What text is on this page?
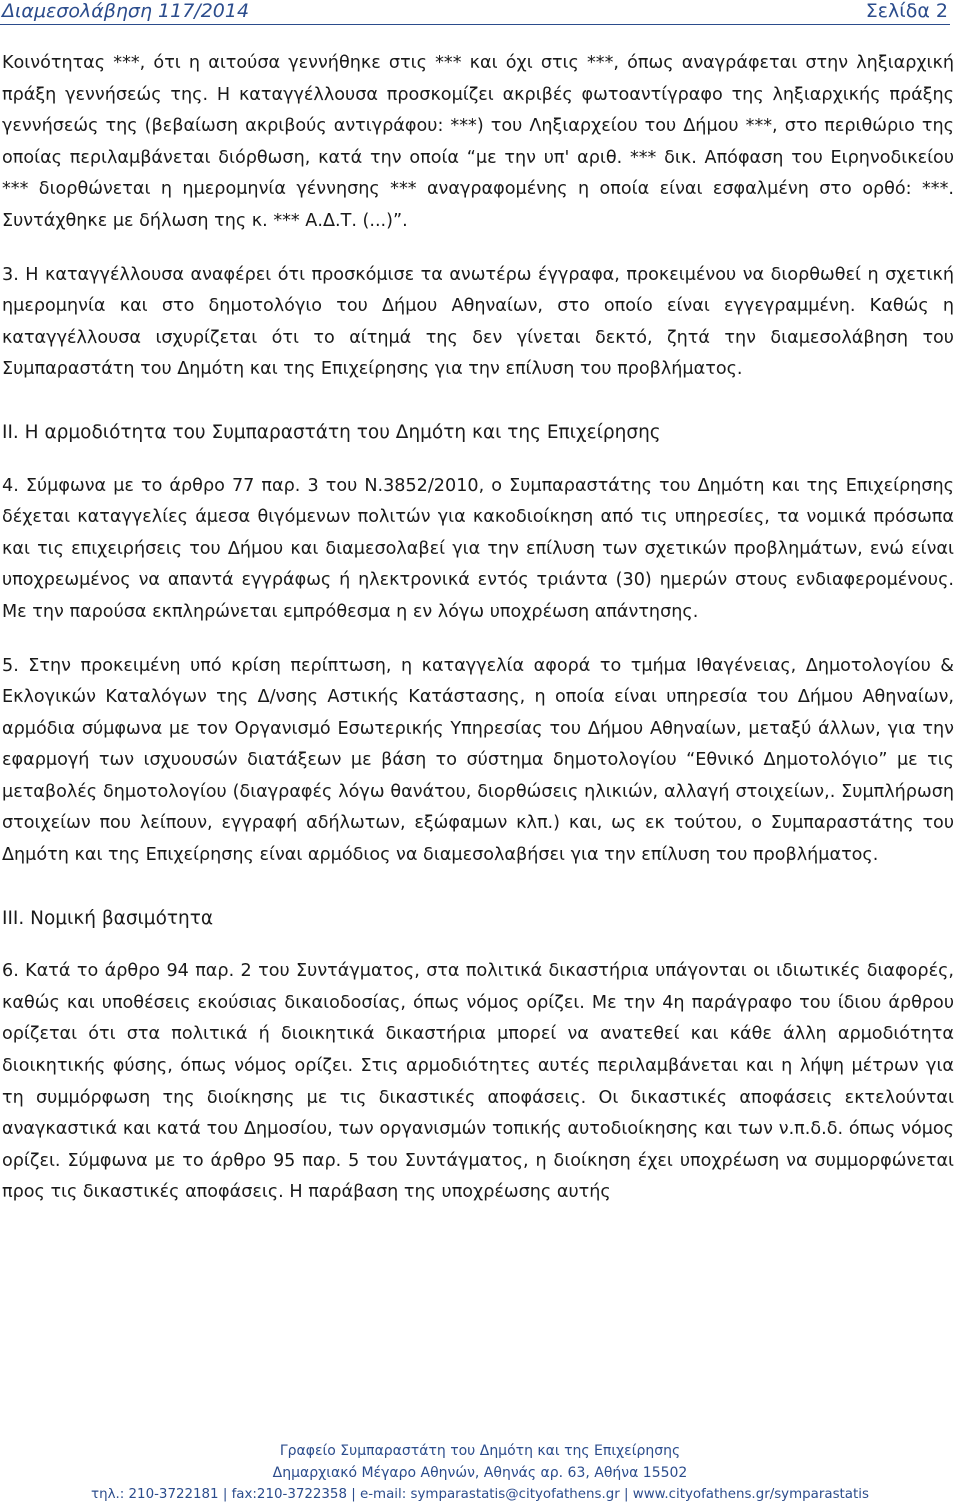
Διαμεσολάβηση 117/2014	Σελίδα 2

Κοινότητας ***, ότι η αιτούσα γεννήθηκε στις *** και όχι στις ***, όπως αναγράφεται στην ληξιαρχική πράξη γεννήσεώς της. Η καταγγέλλουσα προσκομίζει ακριβές φωτοαντίγραφο της ληξιαρχικής πράξης γεννήσεώς της (βεβαίωση ακριβούς αντιγράφου: ***) του Ληξιαρχείου του Δήμου ***, στο περιθώριο της οποίας περιλαμβάνεται διόρθωση, κατά την οποία “με την υπ' αριθ. *** δικ. Απόφαση του Ειρηνοδικείου *** διορθώνεται η ημερομηνία γέννησης *** αναγραφομένης η οποία είναι εσφαλμένη στο ορθό: ***. Συντάχθηκε με δήλωση της κ. *** Α.Δ.Τ. (...)”.

3. Η καταγγέλλουσα αναφέρει ότι προσκόμισε τα ανωτέρω έγγραφα, προκειμένου να διορθωθεί η σχετική ημερομηνία και στο δημοτολόγιο του Δήμου Αθηναίων, στο οποίο είναι εγγεγραμμένη. Καθώς η καταγγέλλουσα ισχυρίζεται ότι το αίτημά της δεν γίνεται δεκτό, ζητά την διαμεσολάβηση του Συμπαραστάτη του Δημότη και της Επιχείρησης για την επίλυση του προβλήματος.

II. Η αρμοδιότητα του Συμπαραστάτη του Δημότη και της Επιχείρησης

4. Σύμφωνα με το άρθρο 77 παρ. 3 του Ν.3852/2010, ο Συμπαραστάτης του Δημότη και της Επιχείρησης δέχεται καταγγελίες άμεσα θιγόμενων πολιτών για κακοδιοίκηση από τις υπηρεσίες, τα νομικά πρόσωπα και τις επιχειρήσεις του Δήμου και διαμεσολαβεί για την επίλυση των σχετικών προβλημάτων, ενώ είναι υποχρεωμένος να απαντά εγγράφως ή ηλεκτρονικά εντός τριάντα (30) ημερών στους ενδιαφερομένους. Με την παρούσα εκπληρώνεται εμπρόθεσμα η εν λόγω υποχρέωση απάντησης.

5. Στην προκειμένη υπό κρίση περίπτωση, η καταγγελία αφορά το τμήμα Ιθαγένειας, Δημοτολογίου & Εκλογικών Καταλόγων της Δ/νσης Αστικής Κατάστασης, η οποία είναι υπηρεσία του Δήμου Αθηναίων, αρμόδια σύμφωνα με τον Οργανισμό Εσωτερικής Υπηρεσίας του Δήμου Αθηναίων, μεταξύ άλλων, για την εφαρμογή των ισχυουσών διατάξεων με βάση το σύστημα δημοτολογίου “Εθνικό Δημοτολόγιο” με τις μεταβολές δημοτολογίου (διαγραφές λόγω θανάτου, διορθώσεις ηλικιών, αλλαγή στοιχείων,. Συμπλήρωση στοιχείων που λείπουν, εγγραφή αδήλωτων, εξώφαμων κλπ.) και, ως εκ τούτου, ο Συμπαραστάτης του Δημότη και της Επιχείρησης είναι αρμόδιος να διαμεσολαβήσει για την επίλυση του προβλήματος.

III. Νομική βασιμότητα

6. Κατά το άρθρο 94 παρ. 2 του Συντάγματος, στα πολιτικά δικαστήρια υπάγονται οι ιδιωτικές διαφορές, καθώς και υποθέσεις εκούσιας δικαιοδοσίας, όπως νόμος ορίζει. Με την 4η παράγραφο του ίδιου άρθρου ορίζεται ότι στα πολιτικά ή διοικητικά δικαστήρια μπορεί να ανατεθεί και κάθε άλλη αρμοδιότητα διοικητικής φύσης, όπως νόμος ορίζει. Στις αρμοδιότητες αυτές περιλαμβάνεται και η λήψη μέτρων για τη συμμόρφωση της διοίκησης με τις δικαστικές αποφάσεις. Οι δικαστικές αποφάσεις εκτελούνται αναγκαστικά και κατά του Δημοσίου, των οργανισμών τοπικής αυτοδιοίκησης και των ν.π.δ.δ. όπως νόμος ορίζει. Σύμφωνα με το άρθρο 95 παρ. 5 του Συντάγματος, η διοίκηση έχει υποχρέωση να συμμορφώνεται προς τις δικαστικές αποφάσεις. Η παράβαση της υποχρέωσης αυτής

Γραφείο Συμπαραστάτη του Δημότη και της Επιχείρησης
Δημαρχιακό Μέγαρο Αθηνών, Αθηνάς αρ. 63, Αθήνα 15502
τηλ.: 210-3722181 | fax:210-3722358 | e-mail: symparastatis@cityofathens.gr | www.cityofathens.gr/symparastatis
